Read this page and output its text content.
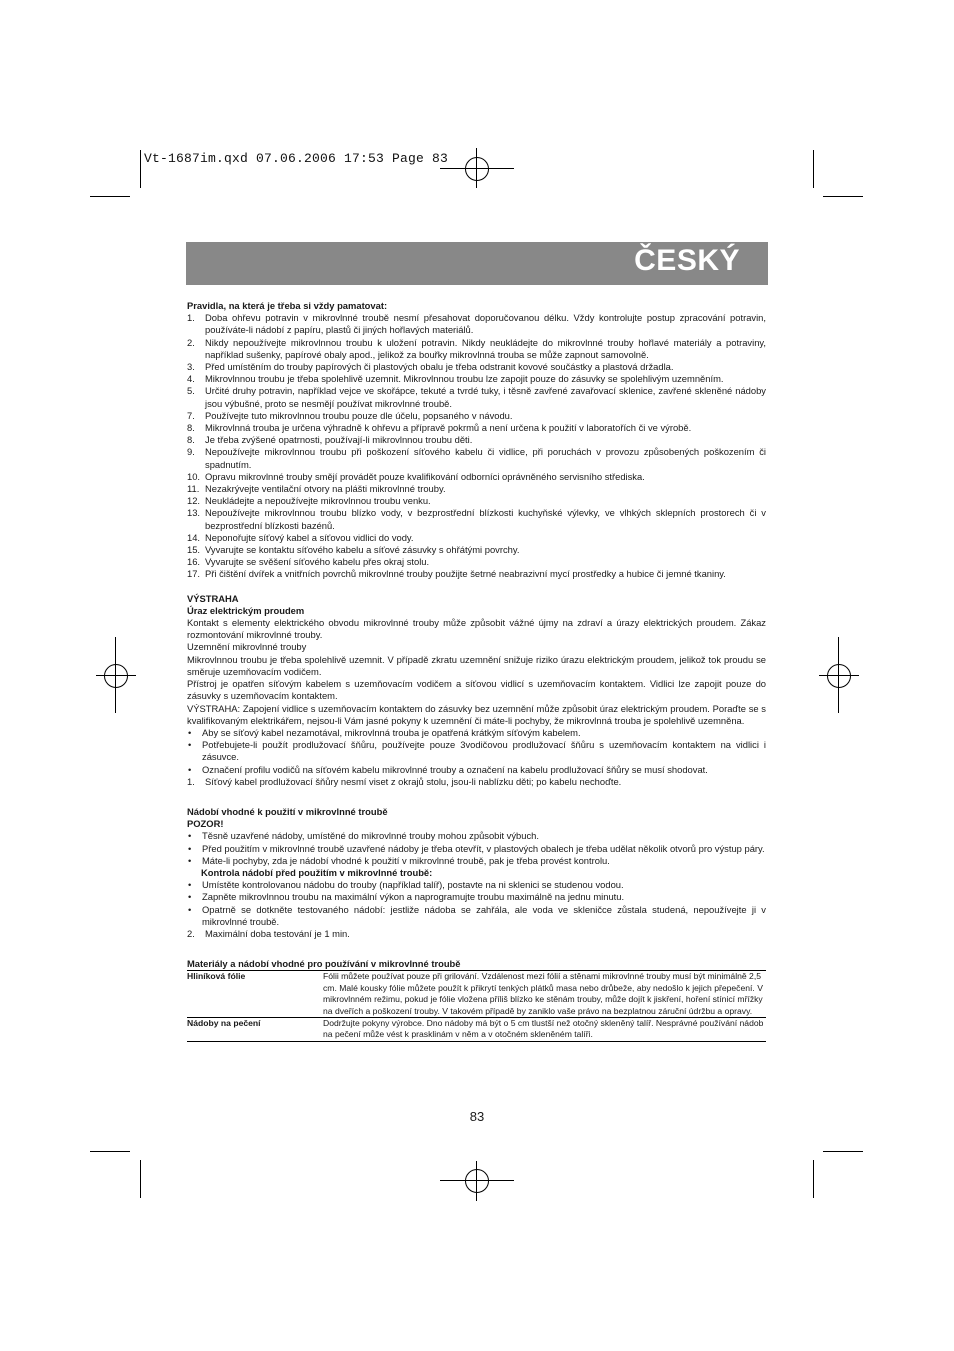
Vt-1687im.qxd 07.06.2006 17:53 Page 83
ČESKÝ
Pravidla, na která je třeba si vždy pamatovat:
1.	Doba ohřevu potravin v mikrovlnné troubě nesmí přesahovat doporučovanou délku. Vždy kontrolujte postup zpracování potravin, používáte-li nádobí z papíru, plastů či jiných hořlavých materiálů.
2.	Nikdy nepoužívejte mikrovlnnou troubu k uložení potravin. Nikdy neukládejte do mikrovlnné trouby hořlavé materiály a potraviny, například sušenky, papírové obaly apod., jelikož za bouřky mikrovlnná trouba se může zapnout samovolně.
3.	Před umístěním do trouby papírových či plastových obalu je třeba odstranit kovové součástky a plastová držadla.
4.	Mikrovlnnou troubu je třeba spolehlivě uzemnit. Mikrovlnnou troubu lze zapojit pouze do zásuvky se spolehlivým uzemněním.
5.	Určité druhy potravin, například vejce ve skořápce, tekuté a tvrdé tuky, i těsně zavřené zavařovací sklenice, zavřené skleněné nádoby jsou výbušné, proto se nesmějí používat mikrovlnné troubě.
7.	Používejte tuto mikrovlnnou troubu pouze dle účelu, popsaného v návodu.
8.	Mikrovlnná trouba je určena výhradně k ohřevu a přípravě pokrmů a není určena k použití v laboratořích či ve výrobě.
8.	Je třeba zvýšené opatrnosti, používají-li mikrovlnnou troubu děti.
9.	Nepoužívejte mikrovlnnou troubu při poškození síťového kabelu či vidlice, při poruchách v provozu způsobených poškozením či spadnutím.
10. Opravu mikrovlnné trouby smějí provádět pouze kvalifikování odborníci oprávněného servisního střediska.
11. Nezakrývejte ventilační otvory na plášti mikrovlnné trouby.
12. Neukládejte a nepoužívejte mikrovlnnou troubu venku.
13. Nepoužívejte mikrovlnnou troubu blízko vody, v bezprostřední blízkosti kuchyňské výlevky, ve vlhkých sklepních prostorech či v bezprostřední blízkosti bazénů.
14. Neponořujte síťový kabel a síťovou vidlici do vody.
15. Vyvarujte se kontaktu síťového kabelu a síťové zásuvky s ohřátými povrchy.
16. Vyvarujte se svěšení síťového kabelu přes okraj stolu.
17. Při čištění dvířek a vnitřních povrchů mikrovlnné trouby použijte šetrné neabrazivní mycí prostředky a hubice či jemné tkaniny.
VÝSTRAHA
Úraz elektrickým proudem

Kontakt s elementy elektrického obvodu mikrovlnné trouby může způsobit vážné újmy na zdraví a úrazy elektrických proudem. Zákaz rozmontování mikrovlnné trouby.

Uzemnění mikrovlnné trouby

Mikrovlnnou troubu je třeba spolehlivě uzemnit. V případě zkratu uzemnění snižuje riziko úrazu elektrickým proudem, jelikož tok proudu se směruje uzemňovacím vodičem.

Přístroj je opatřen síťovým kabelem s uzemňovacím vodičem a síťovou vidlicí s uzemňovacím kontaktem. Vidlici lze zapojit pouze do zásuvky s uzemňovacím kontaktem.

VÝSTRAHA: Zapojení vidlice s uzemňovacím kontaktem do zásuvky bez uzemnění může způsobit úraz elektrickým proudem. Poraďte se s kvalifikovaným elektrikářem, nejsou-li Vám jasné pokyny k uzemnění či máte-li pochyby, že mikrovlnná trouba je spolehlivě uzemněna.

•	Aby se síťový kabel nezamotával, mikrovlnná trouba je opatřená krátkým síťovým kabelem.
•	Potřebujete-li použít prodlužovací šňůru, používejte pouze 3vodičovou prodlužovací šňůru s uzemňovacím kontaktem na vidlici i zásuvce.
•	Označení profilu vodičů na síťovém kabelu mikrovlnné trouby a označení na kabelu prodlužovací šňůry se musí shodovat.
1.	Síťový kabel prodlužovací šňůry nesmí viset z okrajů stolu, jsou-li nablízku děti; po kabelu nechoďte.
Nádobí vhodné k použití v mikrovlnné troubě
POZOR!
•	Těsně uzavřené nádoby, umístěné do mikrovlnné trouby mohou způsobit výbuch.
•	Před použitím v mikrovlnné troubě uzavřené nádoby je třeba otevřít, v plastových obalech je třeba udělat několik otvorů pro výstup páry.
•	Máte-li pochyby, zda je nádobí vhodné k použití v mikrovlnné troubě, pak je třeba provést kontrolu.
Kontrola nádobí před použitím v mikrovlnné troubě:
•	Umístěte kontrolovanou nádobu do trouby (například talíř), postavte na ni sklenici se studenou vodou.
•	Zapněte mikrovlnnou troubu na maximální výkon a naprogramujte troubu maximálně na jednu minutu.
•	Opatrně se dotkněte testovaného nádobí: jestliže nádoba se zahřála, ale voda ve skleničce zůstala studená, nepoužívejte ji v mikrovlnné troubě.
2.	Maximální doba testování je 1 min.
Materiály a nádobí vhodné pro používání v mikrovlnné troubě
Hliníková fólie	Fólii můžete používat pouze při grilování. Vzdálenost mezi fólií a stěnami mikrovlnné trouby musí být minimálně 2,5 cm. Malé kousky fólie můžete použít k přikrytí tenkých plátků masa nebo drůbeže, aby nedošlo k jejich přepečení. V mikrovlnném režimu, pokud je fólie vložena příliš blízko ke stěnám trouby, může dojít k jiskření, hoření stínicí mřížky na dveřích a poškození trouby. V takovém případě by zaniklo vaše právo na bezplatnou záruční údržbu a opravy.
Nádoby na pečení	Dodržujte pokyny výrobce. Dno nádoby má být o 5 cm tlustší než otočný skleněný talíř. Nesprávné používání nádob na pečení může vést k prasklinám v něm a v otočném skleněném talíři.
83
